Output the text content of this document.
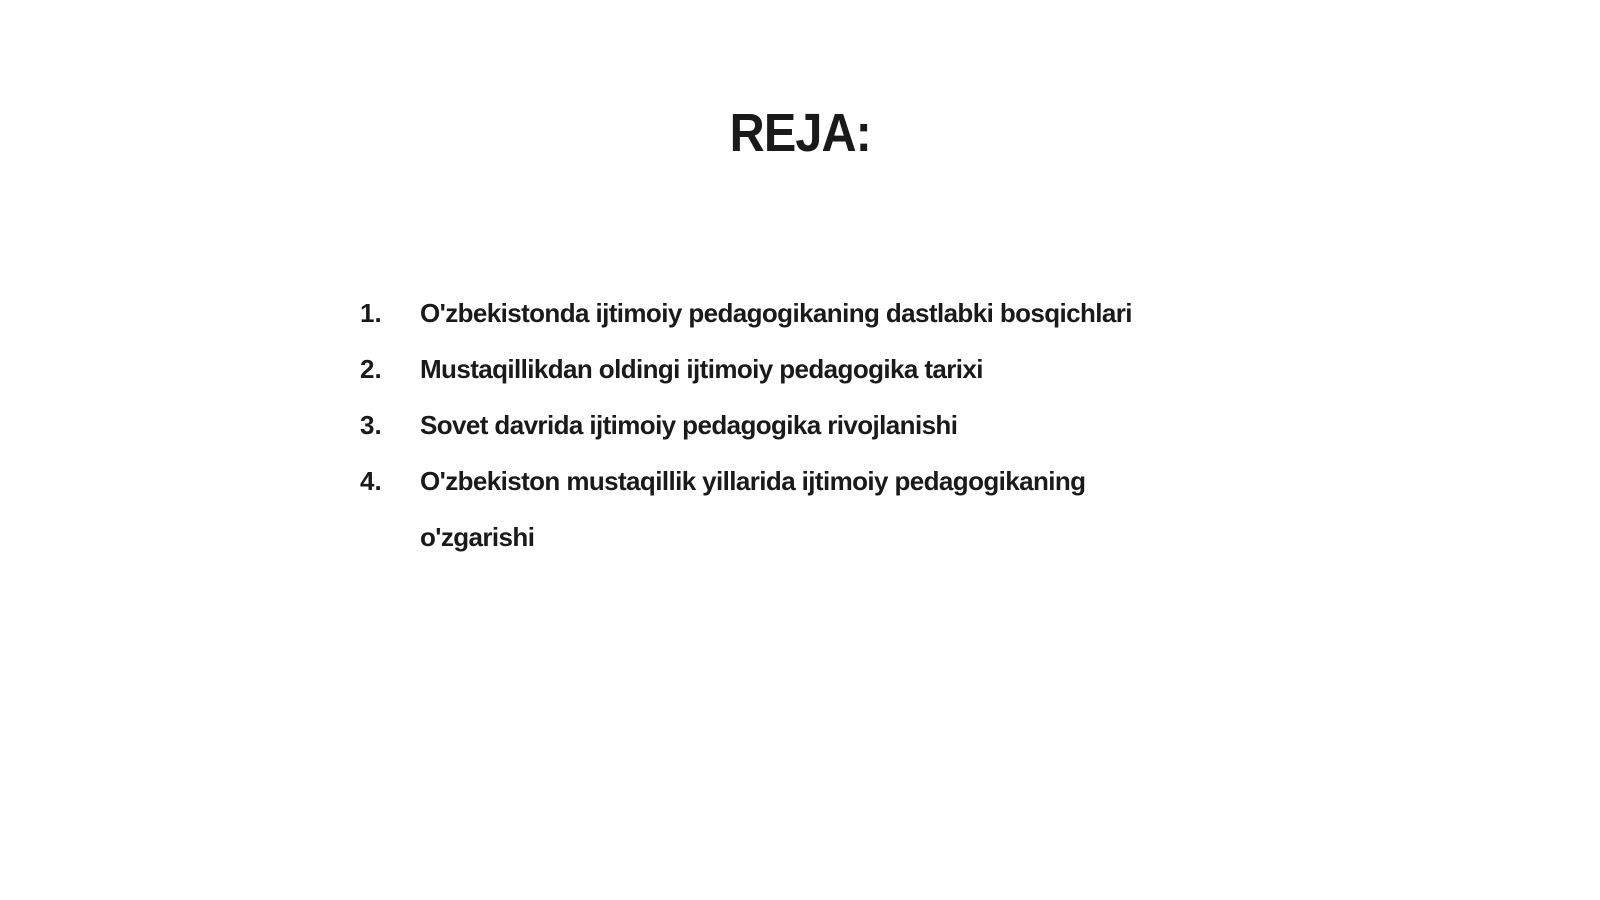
REJA:
1.	O'zbekistonda ijtimoiy pedagogikaning dastlabki bosqichlari
2.	Mustaqillikdan oldingi ijtimoiy pedagogika tarixi
3.	Sovet davrida ijtimoiy pedagogika rivojlanishi
4.	O'zbekiston mustaqillik yillarida ijtimoiy pedagogikaning o'zgarishi
